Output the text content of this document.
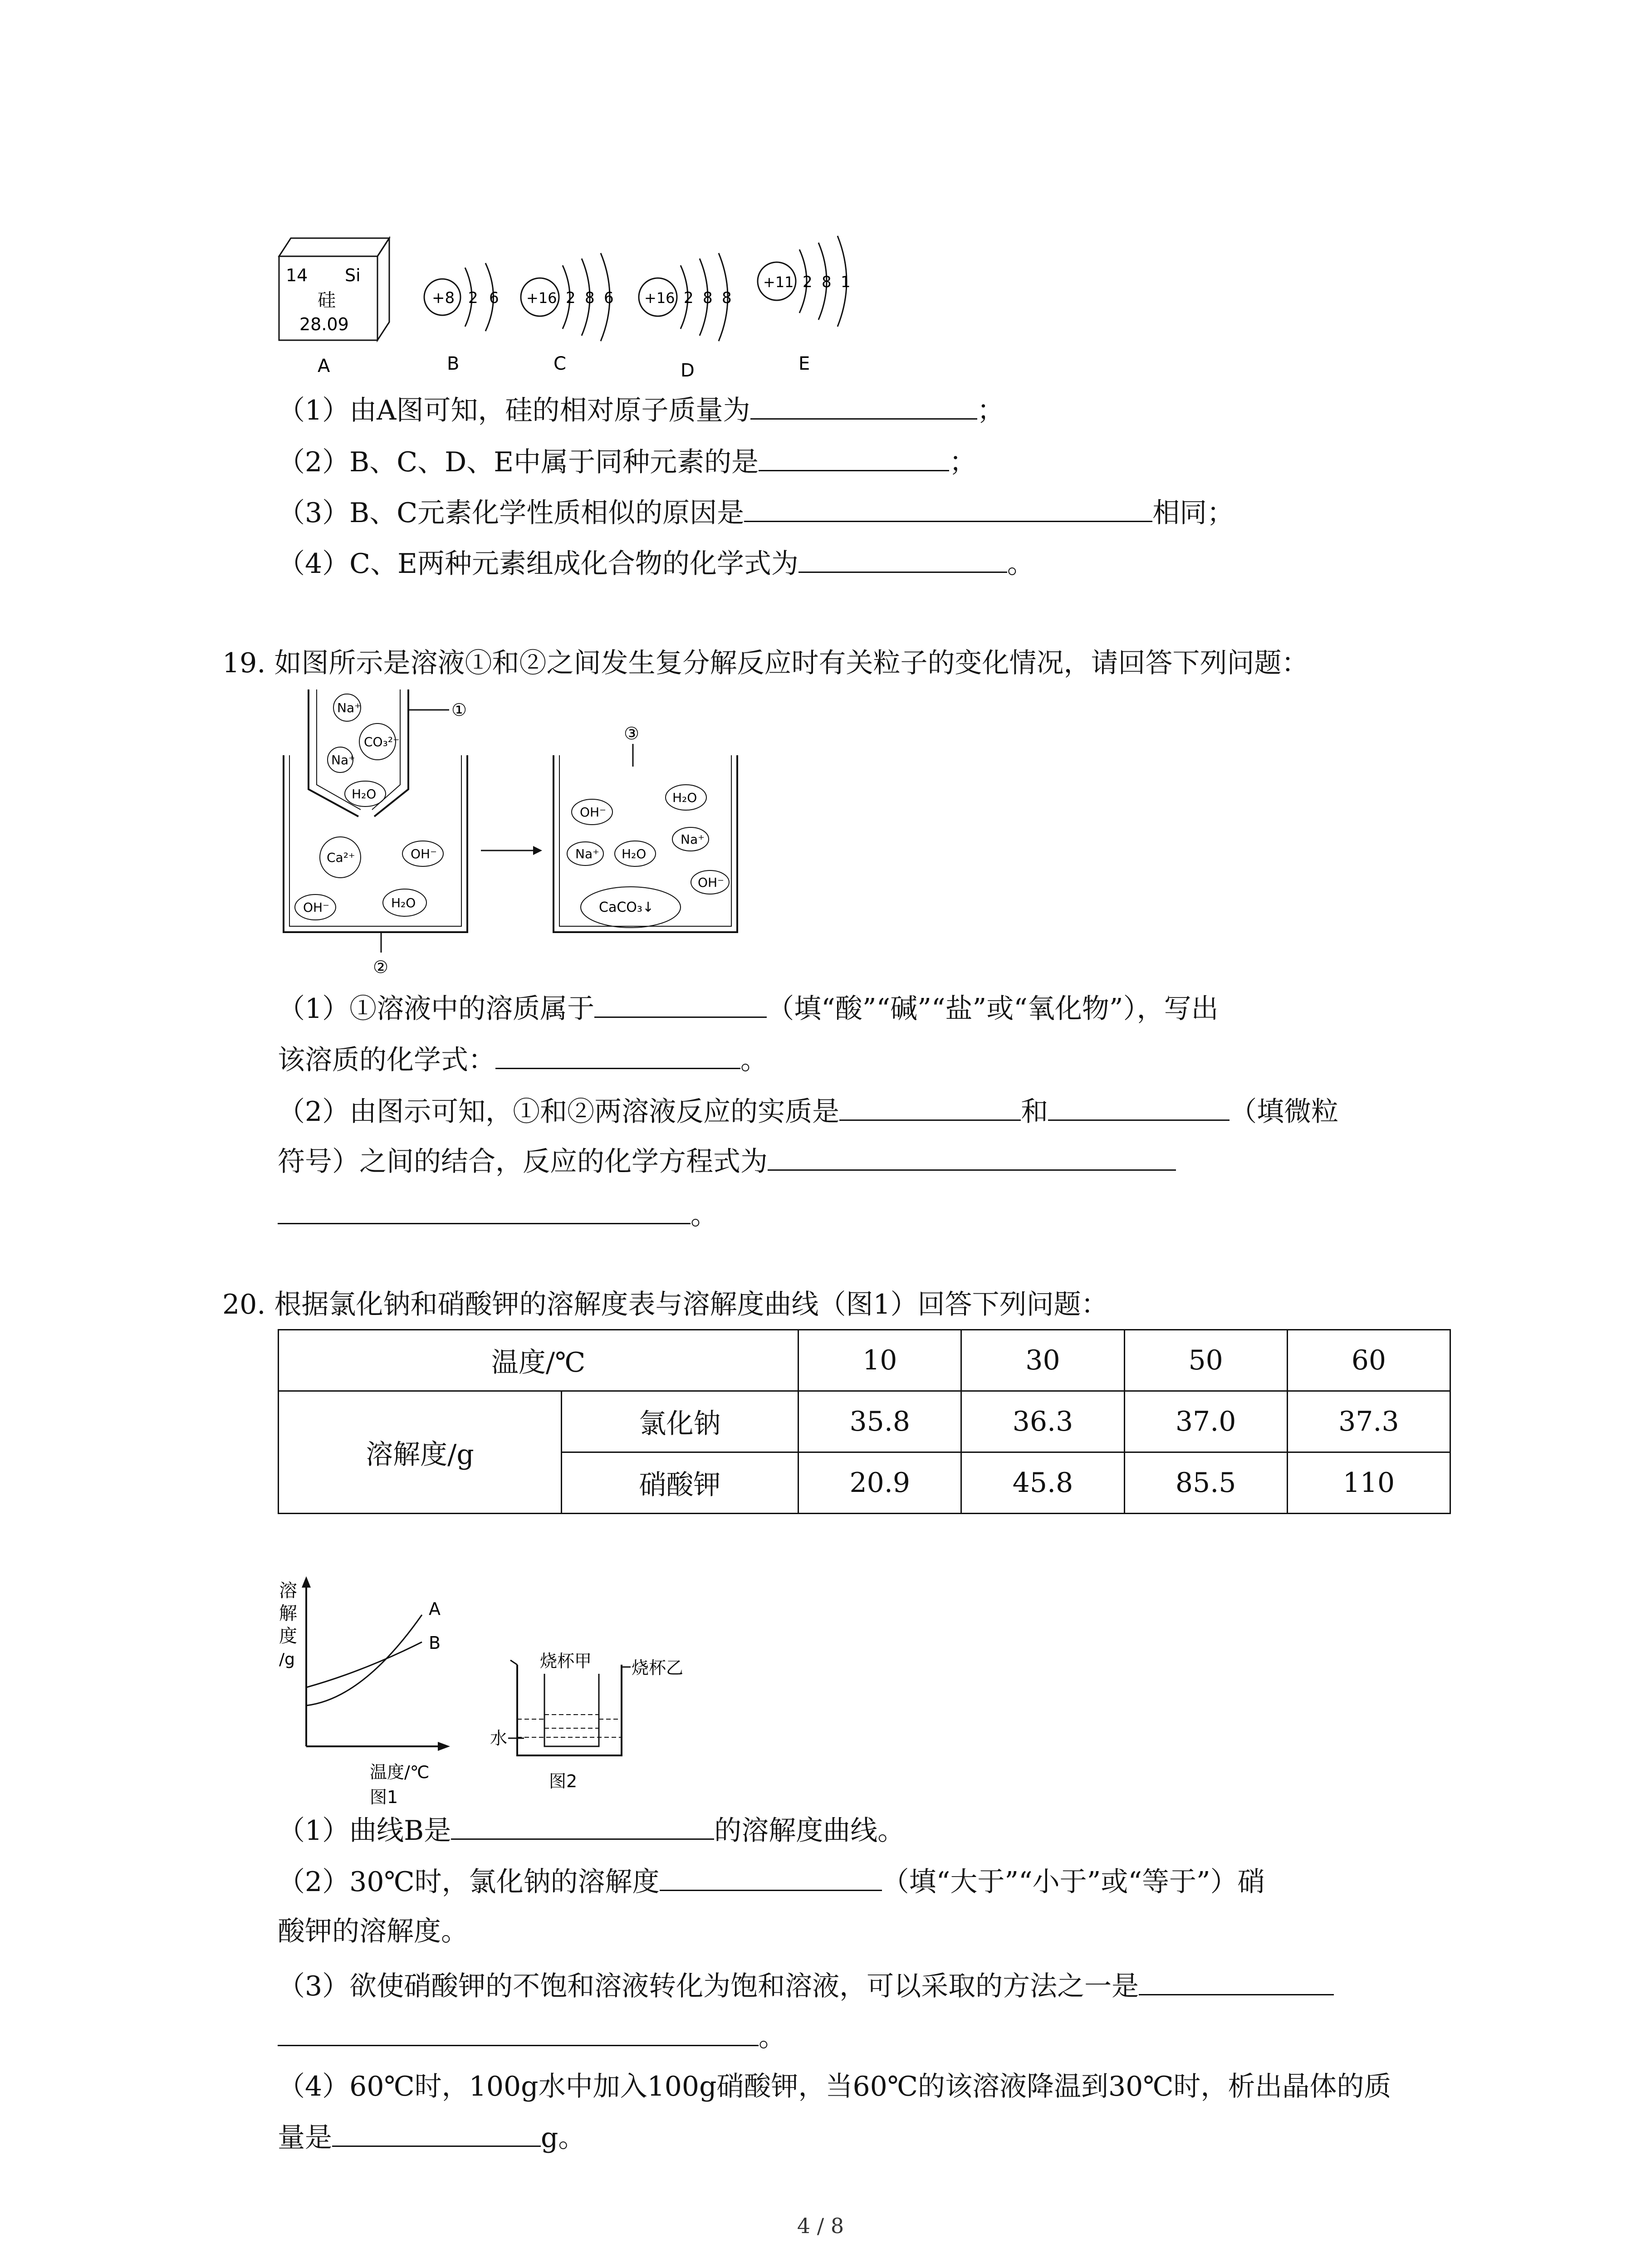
14 Si
硅
28.09
A
+8 2 6
B
+16 2 8 6
C
+16 2 8 8
D
+11 2 8 1
E
（1）由A图可知，硅的相对原子质量为	；
（2）B、C、D、E中属于同种元素的是	；
（3）B、C元素化学性质相似的原因是	相同；
（4）C、E两种元素组成化合物的化学式为	。
19. 如图所示是溶液①和②之间发生复分解反应时有关粒子的变化情况，请回答下列问题：
①
Na⁺
CO₃²⁻
Na⁺
H₂O
Ca²⁺	OH⁻
OH⁻	H₂O
②
③
OH⁻
H₂O
Na⁺ H₂O
Na⁺
OH⁻
CaCO₃↓
（1）①溶液中的溶质属于	（填“酸”“碱”“盐”或“氧化物”），写出
该溶质的化学式：	。
（2）由图示可知，①和②两溶液反应的实质是	和	（填微粒
符号）之间的结合，反应的化学方程式为
。
20. 根据氯化钠和硝酸钾的溶解度表与溶解度曲线（图1）回答下列问题：
温度/℃		10	30	50	60
溶解度/g	氯化钠	35.8	36.3	37.0	37.3
	硝酸钾	20.9	45.8	85.5	110
溶
解
度
/g
A
B
温度/℃
图1
烧杯甲 烧杯乙
水
图2
（1）曲线B是	的溶解度曲线。
（2）30℃时，氯化钠的溶解度	（填“大于”“小于”或“等于”）硝
酸钾的溶解度。
（3）欲使硝酸钾的不饱和溶液转化为饱和溶液，可以采取的方法之一是
。
（4）60℃时，100g水中加入100g硝酸钾，当60℃的该溶液降温到30℃时，析出晶体的质
量是	g。
4 / 8
